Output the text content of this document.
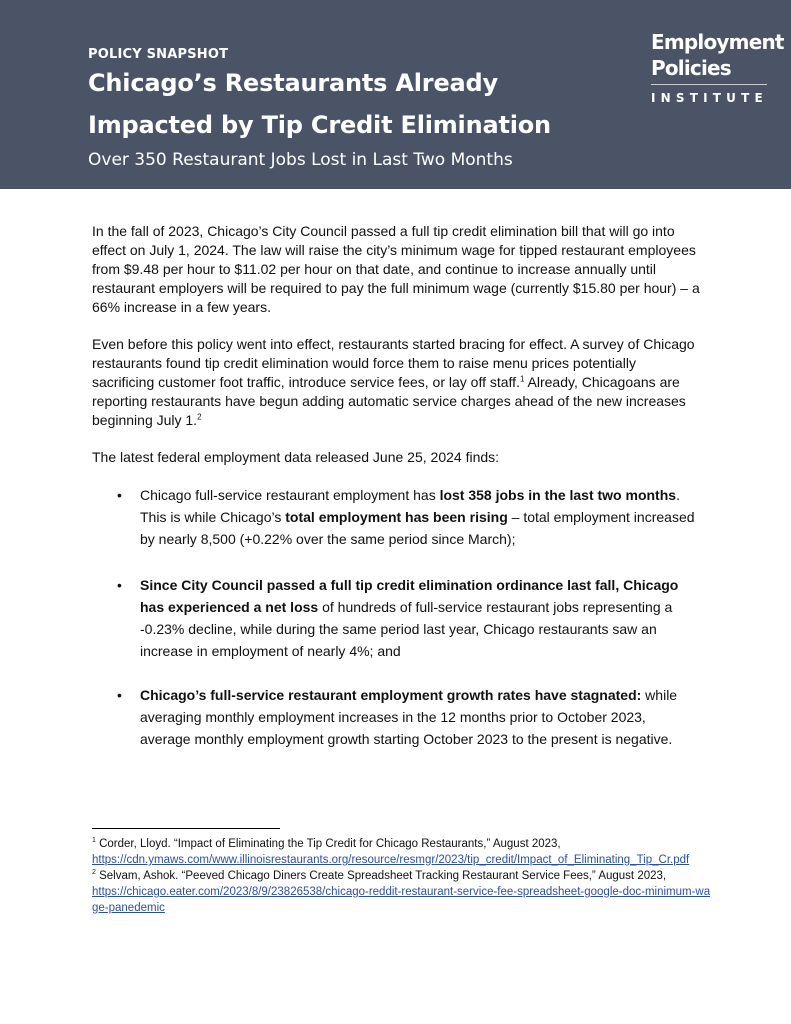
POLICY SNAPSHOT
Chicago’s Restaurants Already Impacted by Tip Credit Elimination
Over 350 Restaurant Jobs Lost in Last Two Months
Employment
Policies
INSTITUTE

In the fall of 2023, Chicago’s City Council passed a full tip credit elimination bill that will go into effect on July 1, 2024. The law will raise the city’s minimum wage for tipped restaurant employees from $9.48 per hour to $11.02 per hour on that date, and continue to increase annually until restaurant employers will be required to pay the full minimum wage (currently $15.80 per hour) – a 66% increase in a few years.

Even before this policy went into effect, restaurants started bracing for effect. A survey of Chicago restaurants found tip credit elimination would force them to raise menu prices potentially sacrificing customer foot traffic, introduce service fees, or lay off staff.$^1$ Already, Chicagoans are reporting restaurants have begun adding automatic service charges ahead of the new increases beginning July 1.$^2$

The latest federal employment data released June 25, 2024 finds:

• Chicago full-service restaurant employment has lost 358 jobs in the last two months. This is while Chicago’s total employment has been rising – total employment increased by nearly 8,500 (+0.22% over the same period since March);
• Since City Council passed a full tip credit elimination ordinance last fall, Chicago has experienced a net loss of hundreds of full-service restaurant jobs representing a -0.23% decline, while during the same period last year, Chicago restaurants saw an increase in employment of nearly 4%; and
• Chicago’s full-service restaurant employment growth rates have stagnated: while averaging monthly employment increases in the 12 months prior to October 2023, average monthly employment growth starting October 2023 to the present is negative.

$^1$ Corder, Lloyd. “Impact of Eliminating the Tip Credit for Chicago Restaurants,” August 2023,
https://cdn.ymaws.com/www.illinoisrestaurants.org/resource/resmgr/2023/tip_credit/Impact_of_Eliminating_Tip_Cr.pdf

$^2$ Selvam, Ashok. “Peeved Chicago Diners Create Spreadsheet Tracking Restaurant Service Fees,” August 2023,
https://chicago.eater.com/2023/8/9/23826538/chicago-reddit-restaurant-service-fee-spreadsheet-google-doc-minimum-wage-panedemic
